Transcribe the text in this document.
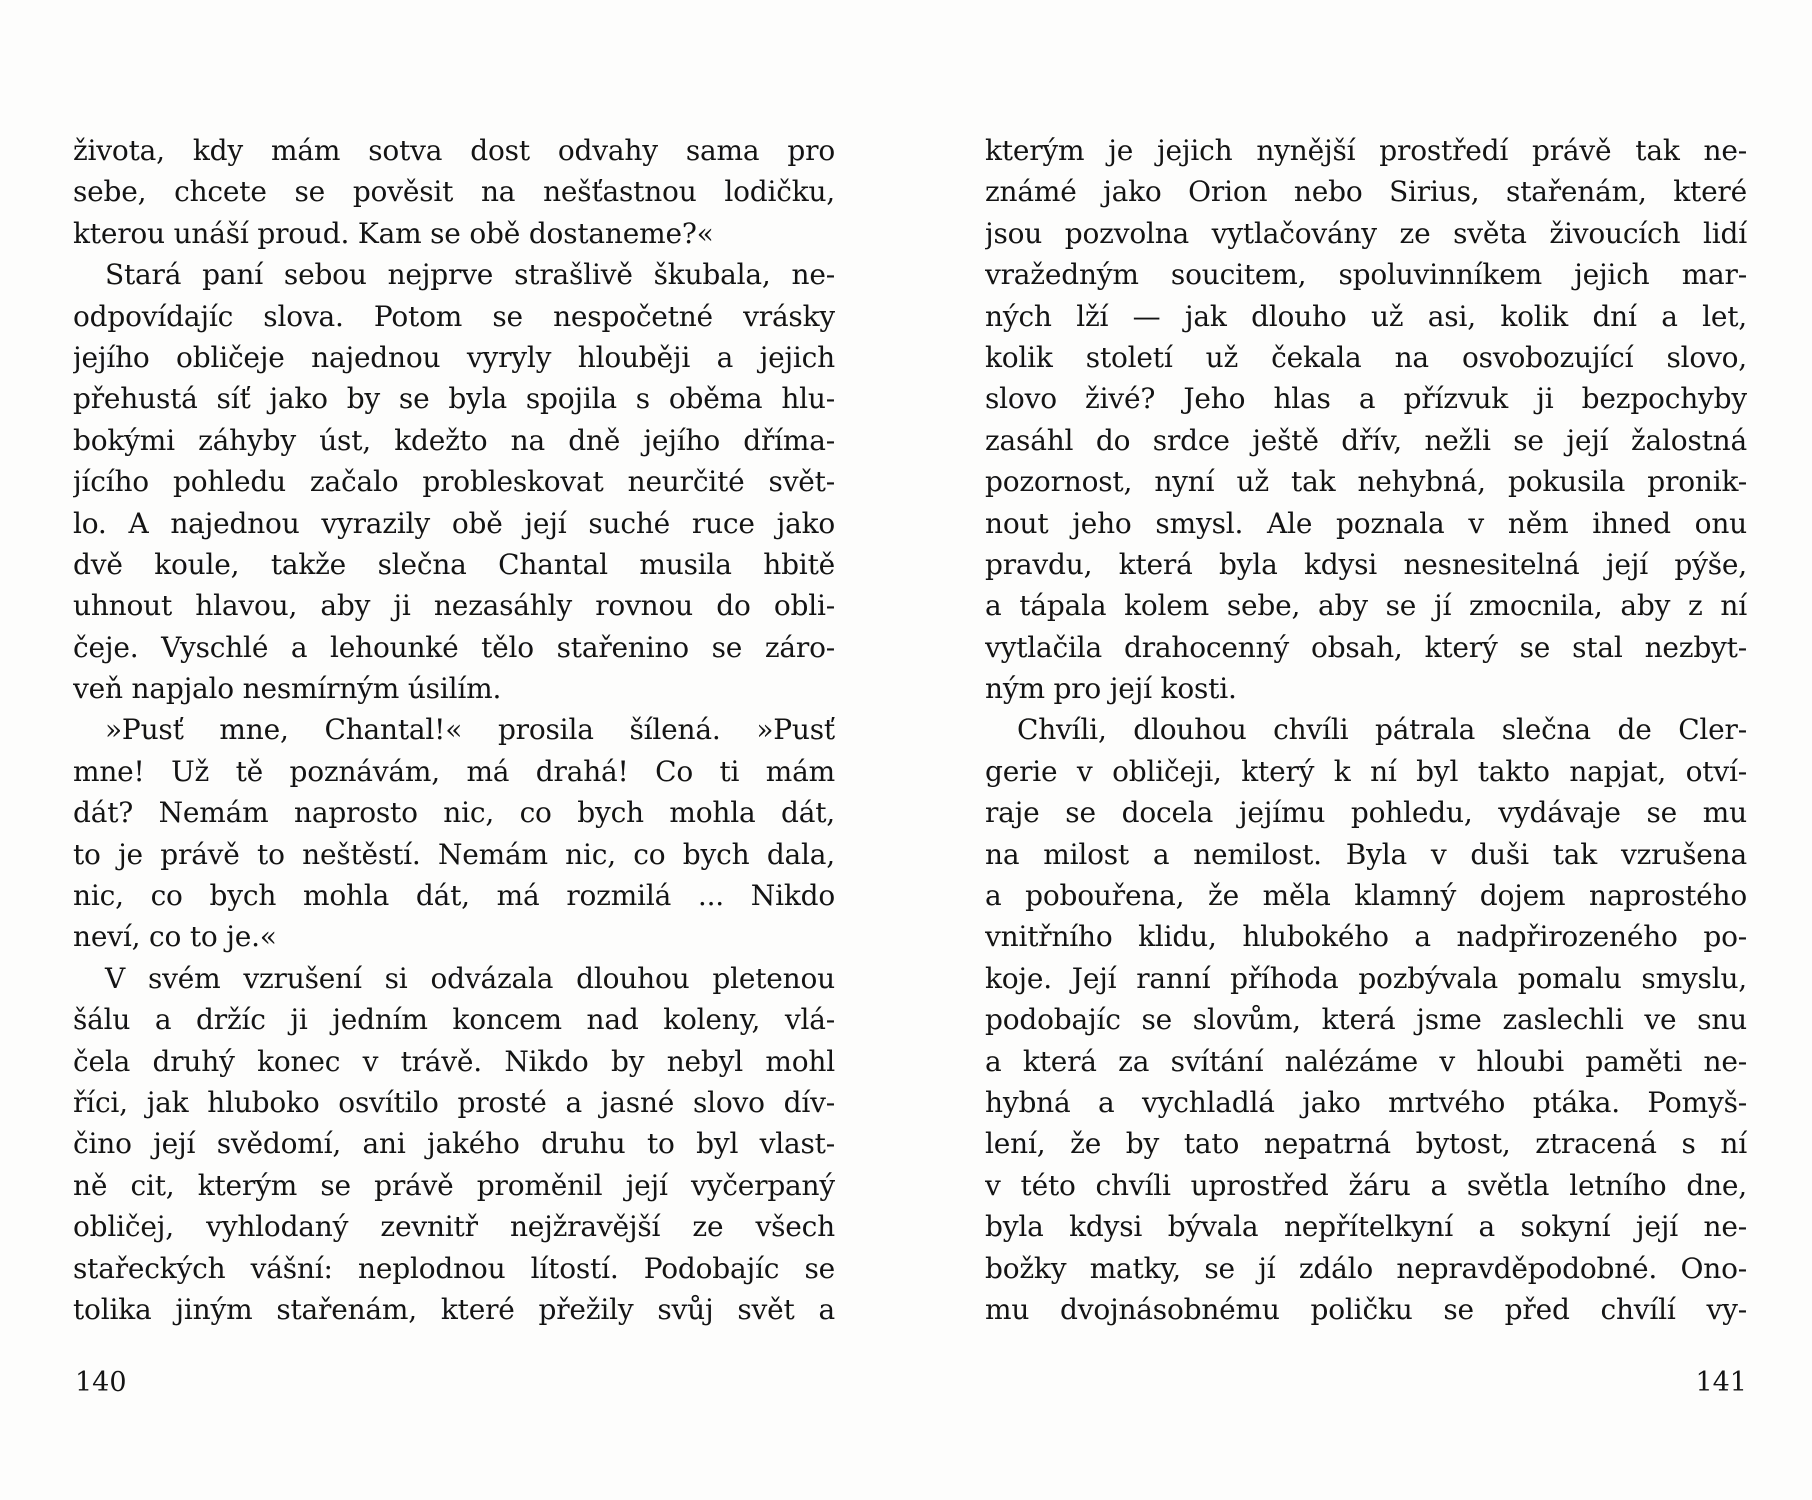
života, kdy mám sotva dost odvahy sama pro
sebe, chcete se pověsit na nešťastnou lodičku,
kterou unáší proud. Kam se obě dostaneme?«
Stará paní sebou nejprve strašlivě škubala, ne-
odpovídajíc slova. Potom se nespočetné vrásky
jejího obličeje najednou vyryly hlouběji a jejich
přehustá síť jako by se byla spojila s oběma hlu-
bokými záhyby úst, kdežto na dně jejího dříma-
jícího pohledu začalo probleskovat neurčité svět-
lo. A najednou vyrazily obě její suché ruce jako
dvě koule, takže slečna Chantal musila hbitě
uhnout hlavou, aby ji nezasáhly rovnou do obli-
čeje. Vyschlé a lehounké tělo stařenino se záro-
veň napjalo nesmírným úsilím.
»Pusť mne, Chantal!« prosila šílená. »Pusť
mne! Už tě poznávám, má drahá! Co ti mám
dát? Nemám naprosto nic, co bych mohla dát,
to je právě to neštěstí. Nemám nic, co bych dala,
nic, co bych mohla dát, má rozmilá ... Nikdo
neví, co to je.«
V svém vzrušení si odvázala dlouhou pletenou
šálu a držíc ji jedním koncem nad koleny, vlá-
čela druhý konec v trávě. Nikdo by nebyl mohl
říci, jak hluboko osvítilo prosté a jasné slovo dív-
čino její svědomí, ani jakého druhu to byl vlast-
ně cit, kterým se právě proměnil její vyčerpaný
obličej, vyhlodaný zevnitř nejžravější ze všech
stařeckých vášní: neplodnou lítostí. Podobajíc se
tolika jiným stařenám, které přežily svůj svět a
kterým je jejich nynější prostředí právě tak ne-
známé jako Orion nebo Sirius, stařenám, které
jsou pozvolna vytlačovány ze světa živoucích lidí
vražedným soucitem, spoluvinníkem jejich mar-
ných lží — jak dlouho už asi, kolik dní a let,
kolik století už čekala na osvobozující slovo,
slovo živé? Jeho hlas a přízvuk ji bezpochyby
zasáhl do srdce ještě dřív, nežli se její žalostná
pozornost, nyní už tak nehybná, pokusila pronik-
nout jeho smysl. Ale poznala v něm ihned onu
pravdu, která byla kdysi nesnesitelná její pýše,
a tápala kolem sebe, aby se jí zmocnila, aby z ní
vytlačila drahocenný obsah, který se stal nezbyt-
ným pro její kosti.
Chvíli, dlouhou chvíli pátrala slečna de Cler-
gerie v obličeji, který k ní byl takto napjat, otví-
raje se docela jejímu pohledu, vydávaje se mu
na milost a nemilost. Byla v duši tak vzrušena
a pobouřena, že měla klamný dojem naprostého
vnitřního klidu, hlubokého a nadpřirozeného po-
koje. Její ranní příhoda pozbývala pomalu smyslu,
podobajíc se slovům, která jsme zaslechli ve snu
a která za svítání nalézáme v hloubi paměti ne-
hybná a vychladlá jako mrtvého ptáka. Pomyš-
lení, že by tato nepatrná bytost, ztracená s ní
v této chvíli uprostřed žáru a světla letního dne,
byla kdysi bývala nepřítelkyní a sokyní její ne-
božky matky, se jí zdálo nepravděpodobné. Ono-
mu dvojnásobnému poličku se před chvílí vy-
140	141
